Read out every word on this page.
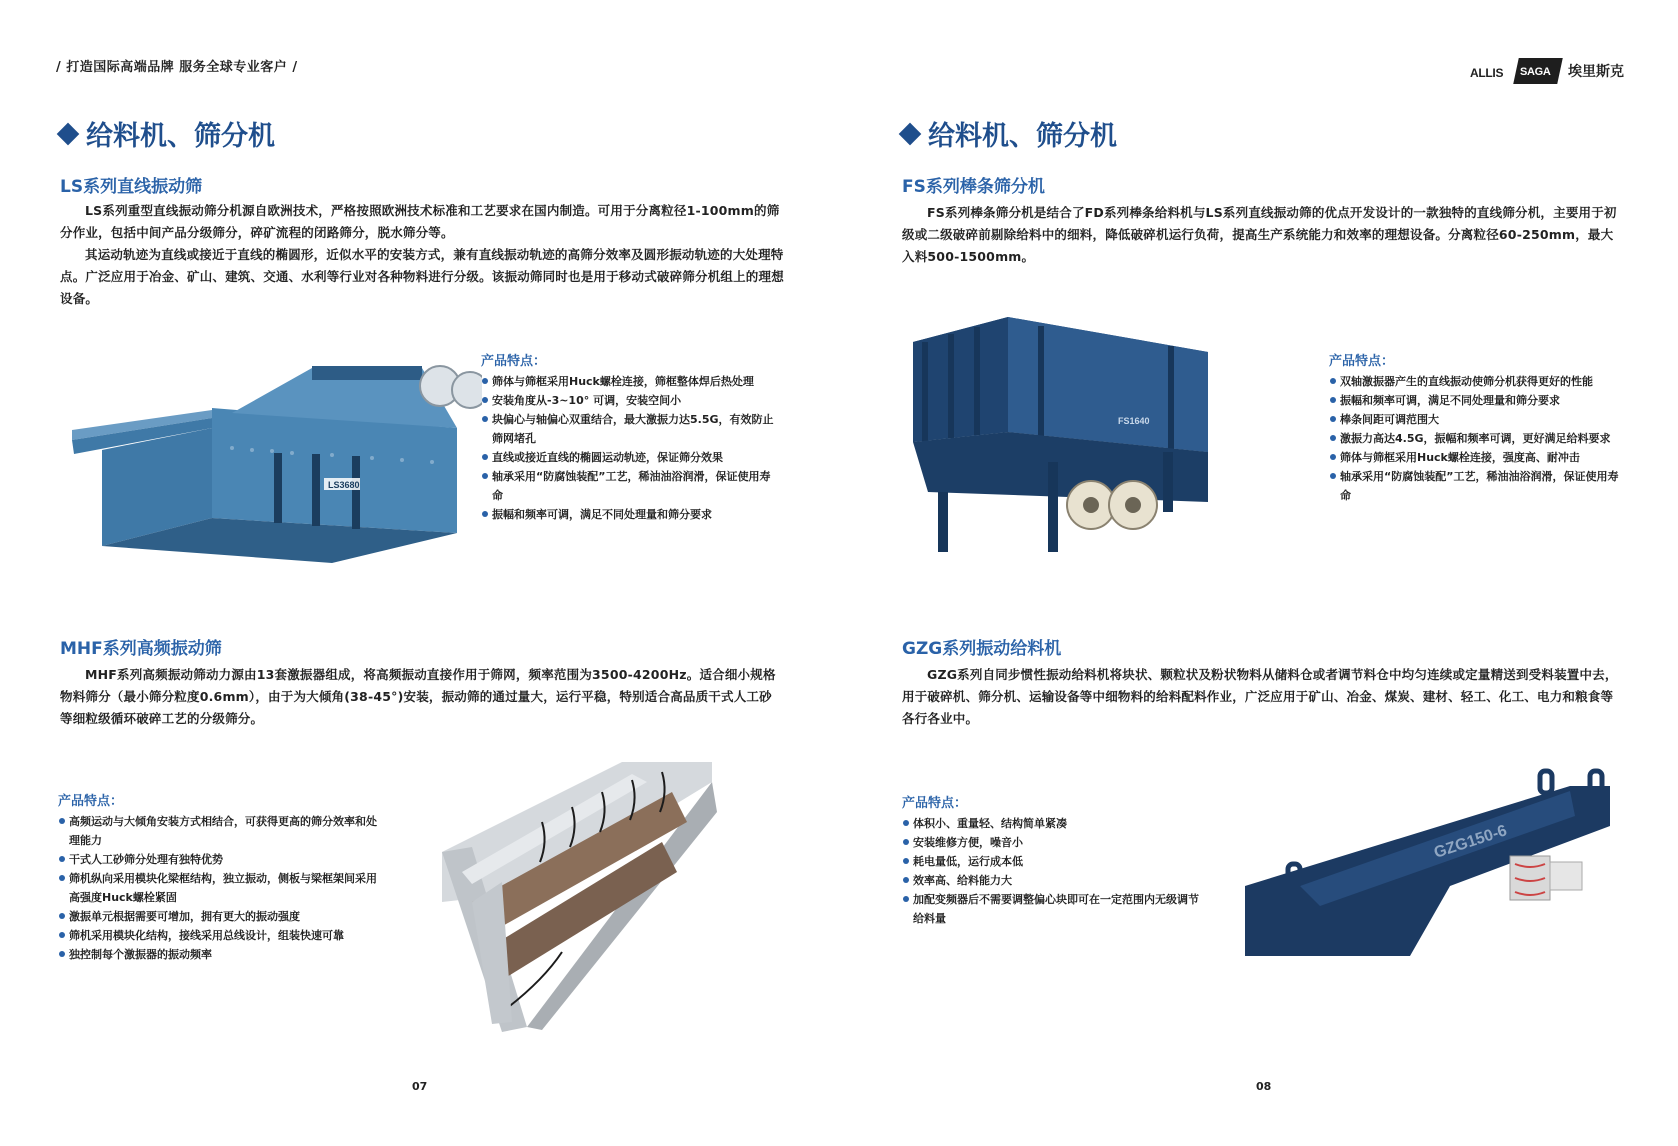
/ 打造国际高端品牌 服务全球专业客户 /	ALLIS SAGA 埃里斯克
给料机、筛分机
LS系列直线振动筛

LS系列重型直线振动筛分机源自欧洲技术，严格按照欧洲技术标准和工艺要求在国内制造。可用于分离粒径1-100mm的筛分作业，包括中间产品分级筛分，碎矿流程的闭路筛分，脱水筛分等。

其运动轨迹为直线或接近于直线的椭圆形，近似水平的安装方式，兼有直线振动轨迹的高筛分效率及圆形振动轨迹的大处理特点。广泛应用于冶金、矿山、建筑、交通、水利等行业对各种物料进行分级。该振动筛同时也是用于移动式破碎筛分机组上的理想设备。

LS3680
产品特点：
筛体与筛框采用Huck螺栓连接，筛框整体焊后热处理
安装角度从-3~10° 可调，安装空间小
块偏心与轴偏心双重结合，最大激振力达5.5G，有效防止筛网堵孔
直线或接近直线的椭圆运动轨迹，保证筛分效果
轴承采用“防腐蚀装配”工艺，稀油油浴润滑，保证使用寿命
振幅和频率可调，满足不同处理量和筛分要求
MHF系列高频振动筛

MHF系列高频振动筛动力源由13套激振器组成，将高频振动直接作用于筛网，频率范围为3500-4200Hz。适合细小规格物料筛分（最小筛分粒度0.6mm），由于为大倾角(38-45°)安装，振动筛的通过量大，运行平稳，特别适合高品质干式人工砂等细粒级循环破碎工艺的分级筛分。

产品特点：
高频运动与大倾角安装方式相结合，可获得更高的筛分效率和处理能力
干式人工砂筛分处理有独特优势
筛机纵向采用模块化梁框结构，独立振动，侧板与梁框架间采用高强度Huck螺栓紧固
激振单元根据需要可增加，拥有更大的振动强度
筛机采用模块化结构，接线采用总线设计，组装快速可靠
独控制每个激振器的振动频率
07
给料机、筛分机
FS系列棒条筛分机

FS系列棒条筛分机是结合了FD系列棒条给料机与LS系列直线振动筛的优点开发设计的一款独特的直线筛分机，主要用于初级或二级破碎前剔除给料中的细料，降低破碎机运行负荷，提高生产系统能力和效率的理想设备。分离粒径60-250mm，最大入料500-1500mm。

FS1640
产品特点：
双轴激振器产生的直线振动使筛分机获得更好的性能
振幅和频率可调，满足不同处理量和筛分要求
棒条间距可调范围大
激振力高达4.5G，振幅和频率可调，更好满足给料要求
筛体与筛框采用Huck螺栓连接，强度高、耐冲击
轴承采用“防腐蚀装配”工艺，稀油油浴润滑，保证使用寿命
GZG系列振动给料机

GZG系列自同步惯性振动给料机将块状、颗粒状及粉状物料从储料仓或者调节料仓中均匀连续或定量精送到受料装置中去，用于破碎机、筛分机、运输设备等中细物料的给料配料作业，广泛应用于矿山、冶金、煤炭、建材、轻工、化工、电力和粮食等各行各业中。

产品特点：
体积小、重量轻、结构简单紧凑
安装维修方便，噪音小
耗电量低，运行成本低
效率高、给料能力大
加配变频器后不需要调整偏心块即可在一定范围内无级调节给料量
GZG150-6
08
